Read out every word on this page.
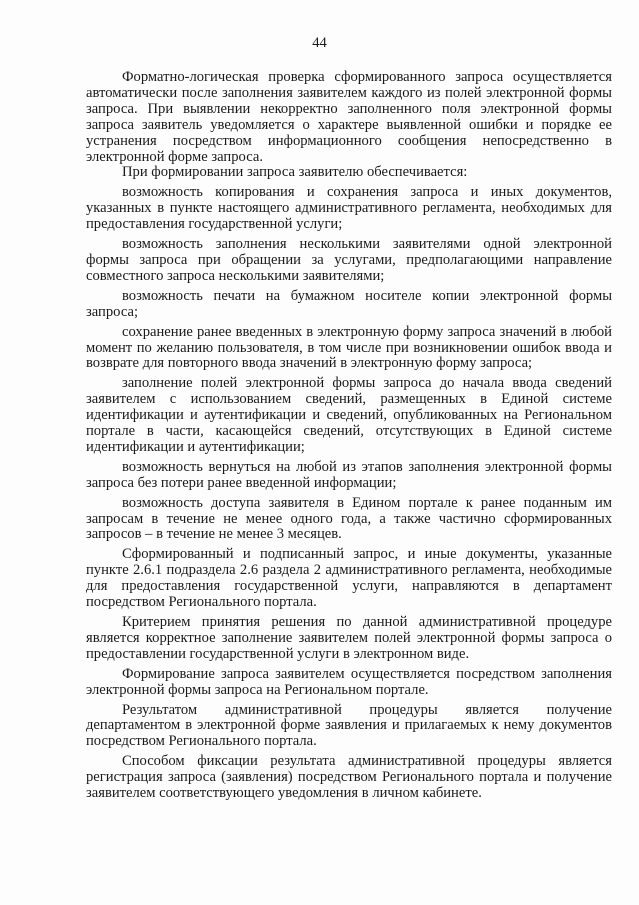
44

Форматно-логическая проверка сформированного запроса осуществляется автоматически после заполнения заявителем каждого из полей электронной формы запроса. При выявлении некорректно заполненного поля электронной формы запроса заявитель уведомляется о характере выявленной ошибки и порядке ее устранения посредством информационного сообщения непосредственно в электронной форме запроса.

При формировании запроса заявителю обеспечивается:

возможность копирования и сохранения запроса и иных документов, указанных в пункте настоящего административного регламента, необходимых для предоставления государственной услуги;

возможность заполнения несколькими заявителями одной электронной формы запроса при обращении за услугами, предполагающими направление совместного запроса несколькими заявителями;

возможность печати на бумажном носителе копии электронной формы запроса;

сохранение ранее введенных в электронную форму запроса значений в любой момент по желанию пользователя, в том числе при возникновении ошибок ввода и возврате для повторного ввода значений в электронную форму запроса;

заполнение полей электронной формы запроса до начала ввода сведений заявителем с использованием сведений, размещенных в Единой системе идентификации и аутентификации и сведений, опубликованных на Региональном портале в части, касающейся сведений, отсутствующих в Единой системе идентификации и аутентификации;

возможность вернуться на любой из этапов заполнения электронной формы запроса без потери ранее введенной информации;

возможность доступа заявителя в Едином портале к ранее поданным им запросам в течение не менее одного года, а также частично сформированных запросов – в течение не менее 3 месяцев.

Сформированный и подписанный запрос, и иные документы, указанные пункте 2.6.1 подраздела 2.6 раздела 2 административного регламента, необходимые для предоставления государственной услуги, направляются в департамент посредством Регионального портала.

Критерием принятия решения по данной административной процедуре является корректное заполнение заявителем полей электронной формы запроса о предоставлении государственной услуги в электронном виде.

Формирование запроса заявителем осуществляется посредством заполнения электронной формы запроса на Региональном портале.

Результатом административной процедуры является получение департаментом в электронной форме заявления и прилагаемых к нему документов посредством Регионального портала.

Способом фиксации результата административной процедуры является регистрация запроса (заявления) посредством Регионального портала и получение заявителем соответствующего уведомления в личном кабинете.
